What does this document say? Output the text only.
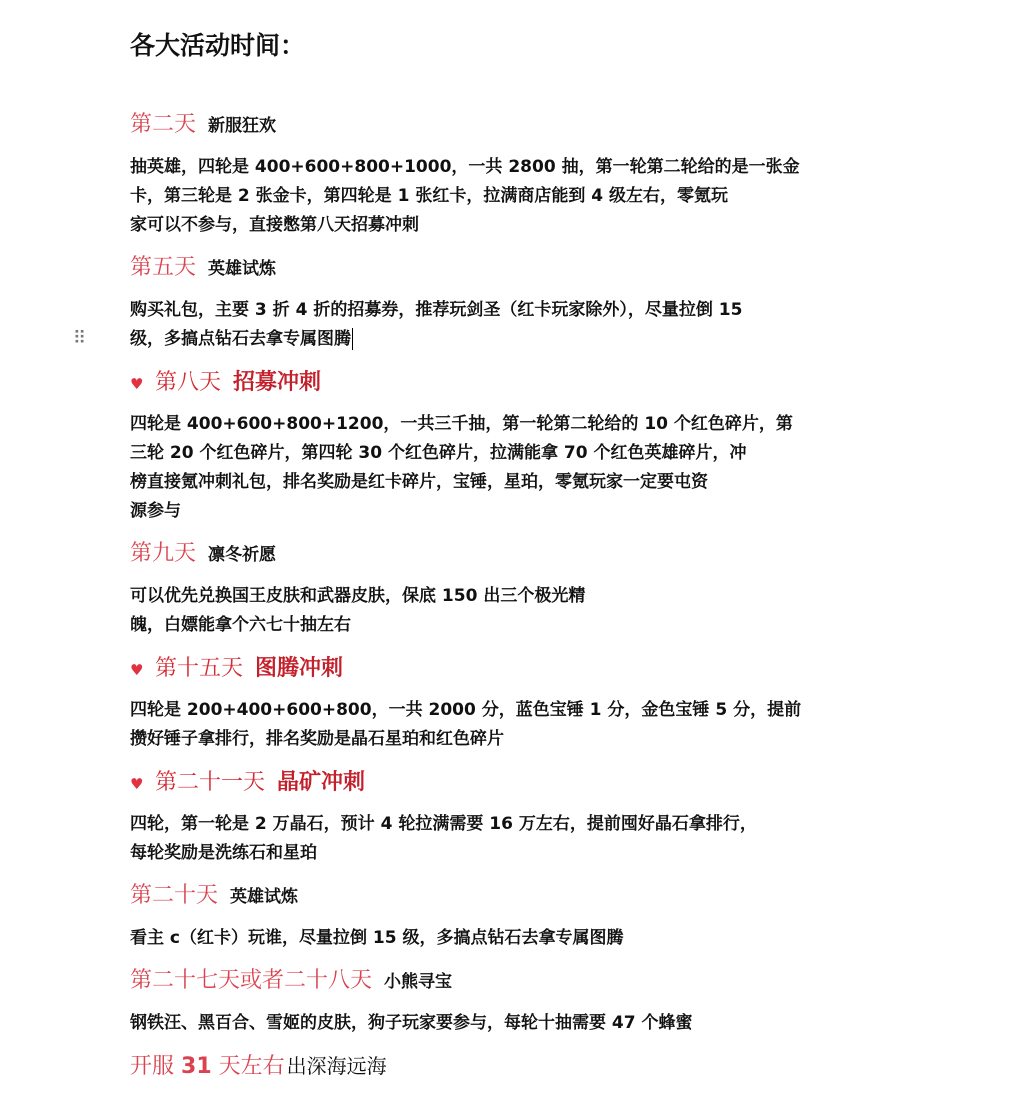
⠿
各大活动时间：
第二天 新服狂欢
抽英雄，四轮是 400+600+800+1000，一共 2800 抽，第一轮第二轮给的是一张金
卡，第三轮是 2 张金卡，第四轮是 1 张红卡，拉满商店能到 4 级左右，零氪玩
家可以不参与，直接憋第八天招募冲刺
第五天 英雄试炼
购买礼包，主要 3 折 4 折的招募券，推荐玩剑圣（红卡玩家除外），尽量拉倒 15
级，多搞点钻石去拿专属图腾
♥ 第八天 招募冲刺
四轮是 400+600+800+1200，一共三千抽，第一轮第二轮给的 10 个红色碎片，第
三轮 20 个红色碎片，第四轮 30 个红色碎片，拉满能拿 70 个红色英雄碎片，冲
榜直接氪冲刺礼包，排名奖励是红卡碎片，宝锤，星珀，零氪玩家一定要屯资
源参与
第九天 凛冬祈愿
可以优先兑换国王皮肤和武器皮肤，保底 150 出三个极光精
魄，白嫖能拿个六七十抽左右
♥ 第十五天 图腾冲刺
四轮是 200+400+600+800，一共 2000 分，蓝色宝锤 1 分，金色宝锤 5 分，提前
攒好锤子拿排行，排名奖励是晶石星珀和红色碎片
♥ 第二十一天 晶矿冲刺
四轮，第一轮是 2 万晶石，预计 4 轮拉满需要 16 万左右，提前囤好晶石拿排行，
每轮奖励是洗练石和星珀
第二十天 英雄试炼
看主 c（红卡）玩谁，尽量拉倒 15 级，多搞点钻石去拿专属图腾
第二十七天或者二十八天 小熊寻宝
钢铁汪、黑百合、雪姬的皮肤，狗子玩家要参与，每轮十抽需要 47 个蜂蜜
开服 31 天左右 出深海远海
